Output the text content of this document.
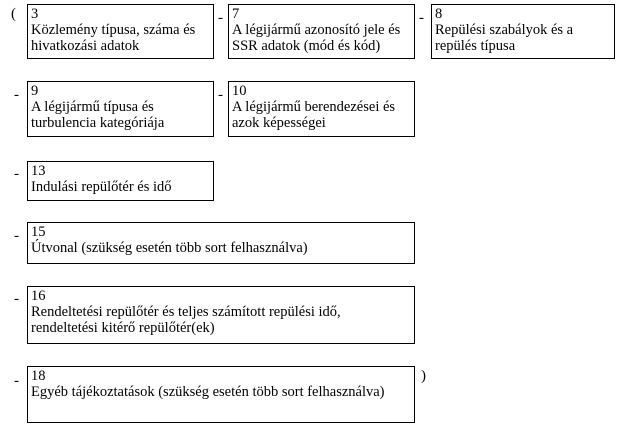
( 3
Közlemény típusa, száma és hivatkozási adatok
- 7
A légijármű azonosító jele és SSR adatok (mód és kód)
- 8
Repülési szabályok és a repülés típusa
- 9
A légijármű típusa és turbulencia kategóriája
- 10
A légijármű berendezései és azok képességei
- 13
Indulási repülőtér és idő
- 15
Útvonal (szükség esetén több sort felhasználva)
- 16
Rendeltetési repülőtér és teljes számított repülési idő, rendeltetési kitérő repülőtér(ek)
- 18
Egyéb tájékoztatások (szükség esetén több sort felhasználva)
)
